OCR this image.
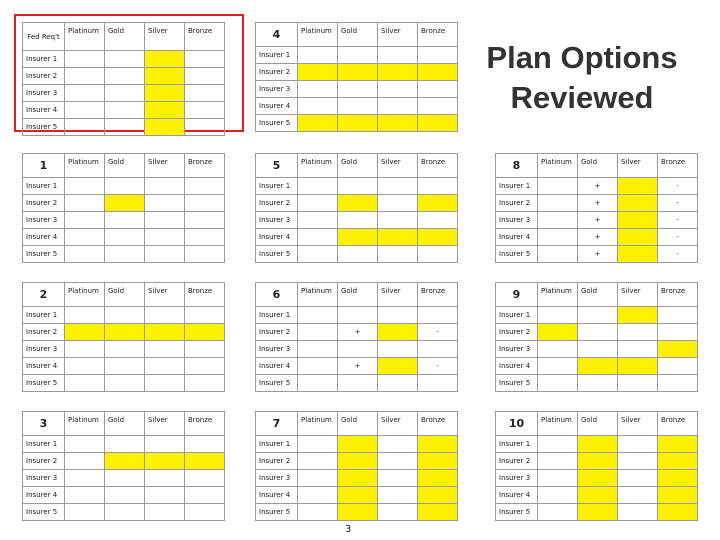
Plan Options Reviewed
3
Fed Req't	Platinum	Gold	Silver	Bronze
Insurer 1				
Insurer 2				
Insurer 3				
Insurer 4				
Insurer 5				
4	Platinum	Gold	Silver	Bronze
Insurer 1				
Insurer 2				
Insurer 3				
Insurer 4				
Insurer 5				
1	Platinum	Gold	Silver	Bronze
Insurer 1				
Insurer 2				
Insurer 3				
Insurer 4				
Insurer 5				
5	Platinum	Gold	Silver	Bronze
Insurer 1				
Insurer 2				
Insurer 3				
Insurer 4				
Insurer 5				
8	Platinum	Gold	Silver	Bronze
Insurer 1		+		-
Insurer 2		+		-
Insurer 3		+		-
Insurer 4		+		-
Insurer 5		+		-
2	Platinum	Gold	Silver	Bronze
Insurer 1				
Insurer 2				
Insurer 3				
Insurer 4				
Insurer 5				
6	Platinum	Gold	Silver	Bronze
Insurer 1				
Insurer 2		+		-
Insurer 3				
Insurer 4		+		-
Insurer 5				
9	Platinum	Gold	Silver	Bronze
Insurer 1				
Insurer 2				
Insurer 3				
Insurer 4				
Insurer 5				
3	Platinum	Gold	Silver	Bronze
Insurer 1				
Insurer 2				
Insurer 3				
Insurer 4				
Insurer 5				
7	Platinum	Gold	Silver	Bronze
Insurer 1				
Insurer 2				
Insurer 3				
Insurer 4				
Insurer 5				
10	Platinum	Gold	Silver	Bronze
Insurer 1				
Insurer 2				
Insurer 3				
Insurer 4				
Insurer 5				
